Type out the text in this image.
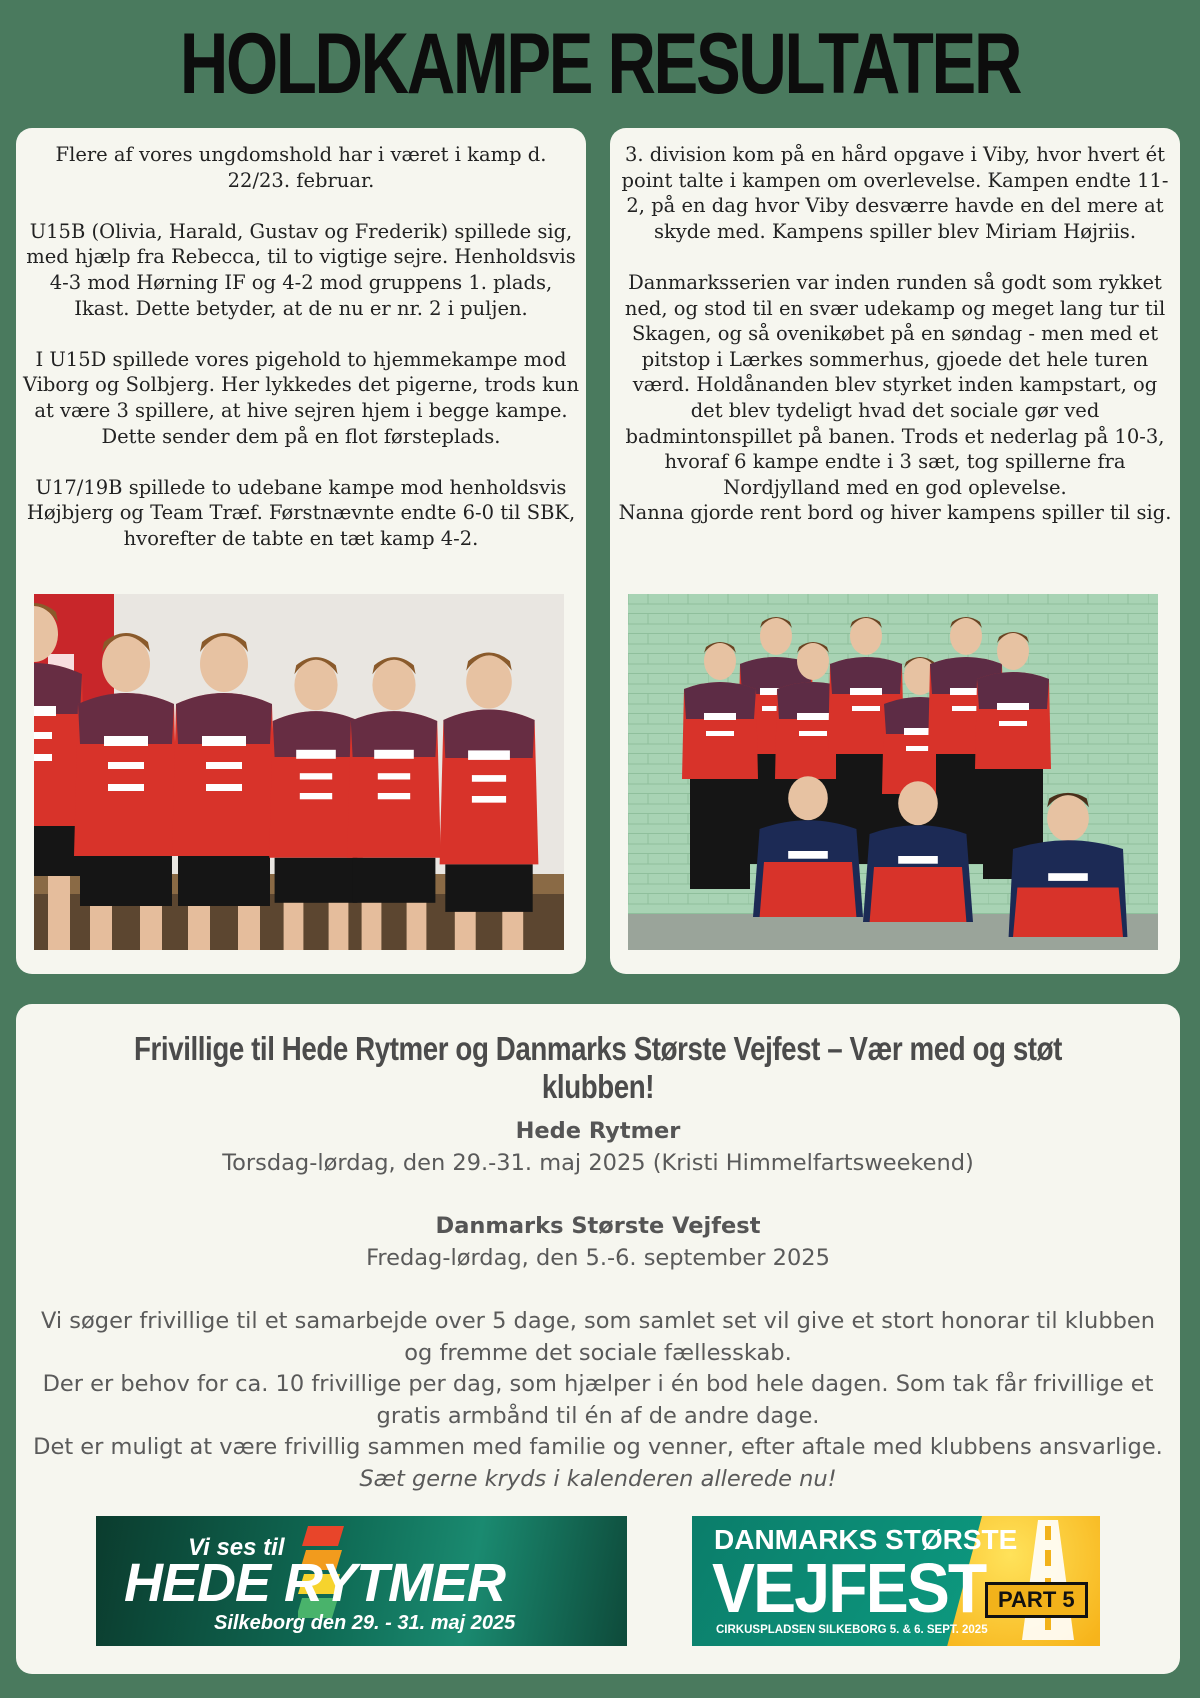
HOLDKAMPE RESULTATER

Flere af vores ungdomshold har i været i kamp d. 22/23. februar.

U15B (Olivia, Harald, Gustav og Frederik) spillede sig, med hjælp fra Rebecca, til to vigtige sejre. Henholdsvis 4-3 mod Hørning IF og 4-2 mod gruppens 1. plads, Ikast. Dette betyder, at de nu er nr. 2 i puljen.

I U15D spillede vores pigehold to hjemmekampe mod Viborg og Solbjerg. Her lykkedes det pigerne, trods kun at være 3 spillere, at hive sejren hjem i begge kampe. Dette sender dem på en flot førsteplads.

U17/19B spillede to udebane kampe mod henholdsvis Højbjerg og Team Træf. Førstnævnte endte 6-0 til SBK, hvorefter de tabte en tæt kamp 4-2.

3. division kom på en hård opgave i Viby, hvor hvert ét point talte i kampen om overlevelse. Kampen endte 11-2, på en dag hvor Viby desværre havde en del mere at skyde med. Kampens spiller blev Miriam Højriis.

Danmarksserien var inden runden så godt som rykket ned, og stod til en svær udekamp og meget lang tur til Skagen, og så ovenikøbet på en søndag - men med et pitstop i Lærkes sommerhus, gjoede det hele turen værd. Holdånanden blev styrket inden kampstart, og det blev tydeligt hvad det sociale gør ved badmintonspillet på banen. Trods et nederlag på 10-3, hvoraf 6 kampe endte i 3 sæt, tog spillerne fra Nordjylland med en god oplevelse.
Nanna gjorde rent bord og hiver kampens spiller til sig.

Frivillige til Hede Rytmer og Danmarks Største Vejfest – Vær med og støt klubben!
Hede Rytmer
Torsdag-lørdag, den 29.-31. maj 2025 (Kristi Himmelfartsweekend)
Danmarks Største Vejfest
Fredag-lørdag, den 5.-6. september 2025
Vi søger frivillige til et samarbejde over 5 dage, som samlet set vil give et stort honorar til klubben og fremme det sociale fællesskab.
Der er behov for ca. 10 frivillige per dag, som hjælper i én bod hele dagen. Som tak får frivillige et gratis armbånd til én af de andre dage.
Det er muligt at være frivillig sammen med familie og venner, efter aftale med klubbens ansvarlige.
Sæt gerne kryds i kalenderen allerede nu!
Vi ses til
HEDE RYTMER
Silkeborg den 29. - 31. maj 2025
DANMARKS STØRSTE
VEJFEST PART 5
CIRKUSPLADSEN SILKEBORG 5. & 6. SEPT. 2025
